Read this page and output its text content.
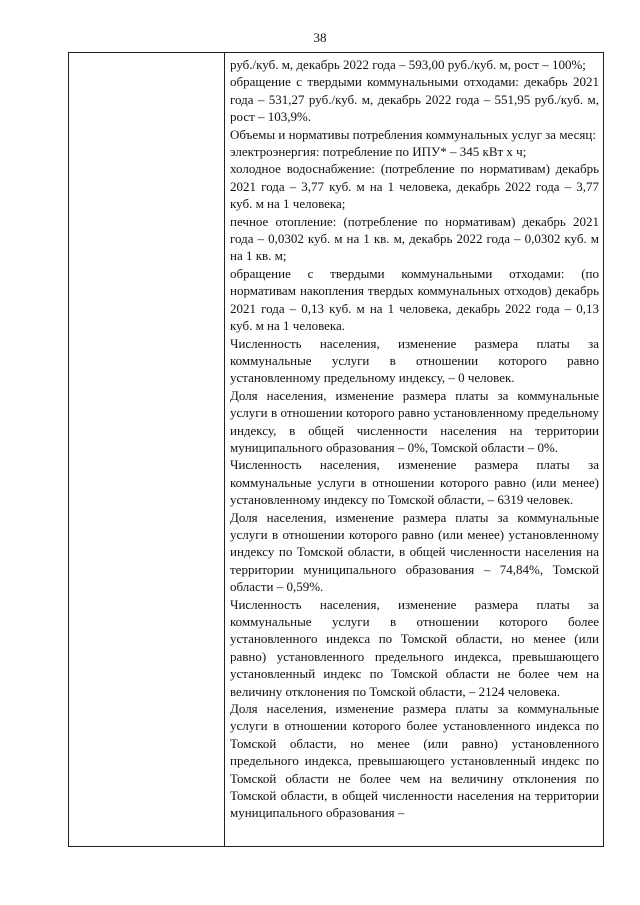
38

руб./куб. м, декабрь 2022 года – 593,00 руб./куб. м, рост – 100%;

обращение с твердыми коммунальными отходами: декабрь 2021 года – 531,27 руб./куб. м, декабрь 2022 года – 551,95 руб./куб. м, рост – 103,9%.

Объемы и нормативы потребления коммунальных услуг за месяц:

электроэнергия: потребление по ИПУ* – 345 кВт х ч;

холодное водоснабжение: (потребление по нормативам) декабрь 2021 года – 3,77 куб. м на 1 человека, декабрь 2022 года – 3,77 куб. м на 1 человека;

печное отопление: (потребление по нормативам) декабрь 2021 года – 0,0302 куб. м на 1 кв. м, декабрь 2022 года – 0,0302 куб. м на 1 кв. м;

обращение с твердыми коммунальными отходами: (по нормативам накопления твердых коммунальных отходов) декабрь 2021 года – 0,13 куб. м на 1 человека, декабрь 2022 года – 0,13 куб. м на 1 человека.

Численность населения, изменение размера платы за коммунальные услуги в отношении которого равно установленному предельному индексу, – 0 человек.

Доля населения, изменение размера платы за коммунальные услуги в отношении которого равно установленному предельному индексу, в общей численности населения на территории муниципального образования – 0%, Томской области – 0%.

Численность населения, изменение размера платы за коммунальные услуги в отношении которого равно (или менее) установленному индексу по Томской области, – 6319 человек.

Доля населения, изменение размера платы за коммунальные услуги в отношении которого равно (или менее) установленному индексу по Томской области, в общей численности населения на территории муниципального образования – 74,84%, Томской области – 0,59%.

Численность населения, изменение размера платы за коммунальные услуги в отношении которого более установленного индекса по Томской области, но менее (или равно) установленного предельного индекса, превышающего установленный индекс по Томской области не более чем на величину отклонения по Томской области, – 2124 человека.

Доля населения, изменение размера платы за коммунальные услуги в отношении которого более установленного индекса по Томской области, но менее (или равно) установленного предельного индекса, превышающего установленный индекс по Томской области не более чем на величину отклонения по Томской области, в общей численности населения на территории муниципального образования –
